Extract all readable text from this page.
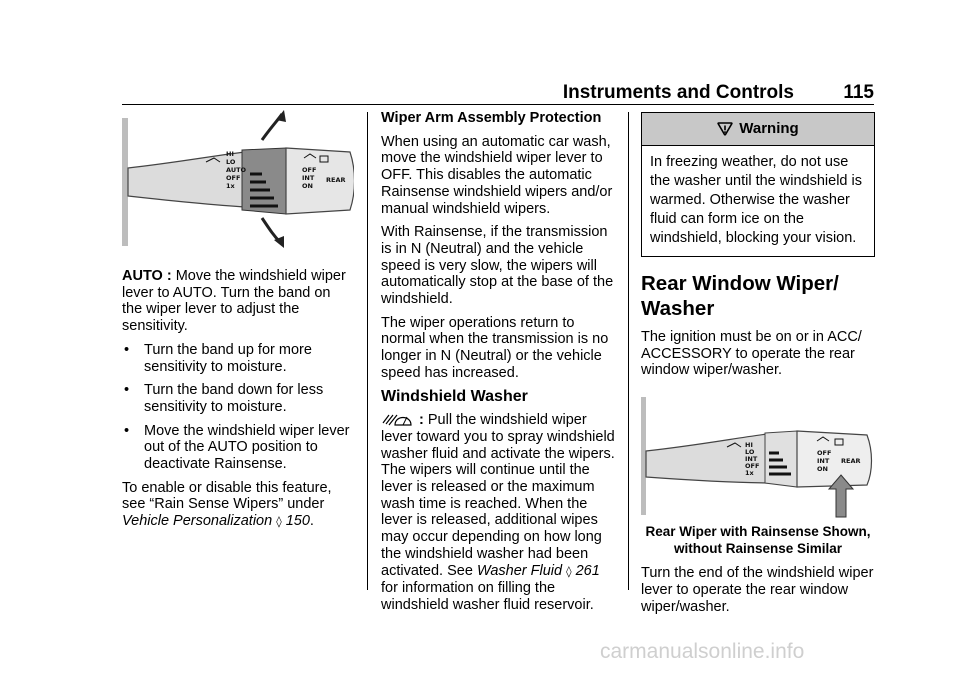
Instruments and Controls	115
HI
LO
AUTO
OFF
1x
OFF
INT
ON
REAR

AUTO : Move the windshield wiper lever to AUTO. Turn the band on the wiper lever to adjust the sensitivity.

• Turn the band up for more sensitivity to moisture.
• Turn the band down for less sensitivity to moisture.
• Move the windshield wiper lever out of the AUTO position to deactivate Rainsense.

To enable or disable this feature, see “Rain Sense Wipers” under
Vehicle Personalization ◊ 150.

Wiper Arm Assembly Protection

When using an automatic car wash, move the windshield wiper lever to OFF. This disables the automatic Rainsense windshield wipers and/or manual windshield wipers.

With Rainsense, if the transmission is in N (Neutral) and the vehicle speed is very slow, the wipers will automatically stop at the base of the windshield.

The wiper operations return to normal when the transmission is no longer in N (Neutral) or the vehicle speed has increased.

Windshield Washer

: Pull the windshield wiper lever toward you to spray windshield washer fluid and activate the wipers. The wipers will continue until the lever is released or the maximum wash time is reached. When the lever is released, additional wipes may occur depending on how long the windshield washer had been activated. See Washer Fluid ◊ 261 for information on filling the windshield washer fluid reservoir.

Warning
In freezing weather, do not use the washer until the windshield is warmed. Otherwise the washer fluid can form ice on the windshield, blocking your vision.
Rear Window Wiper/ Washer

The ignition must be on or in ACC/ ACCESSORY to operate the rear window wiper/washer.

HI
LO
INT
OFF
1x
OFF
INT
ON
REAR
Rear Wiper with Rainsense Shown, without Rainsense Similar

Turn the end of the windshield wiper lever to operate the rear window wiper/washer.

carmanualsonline.info
